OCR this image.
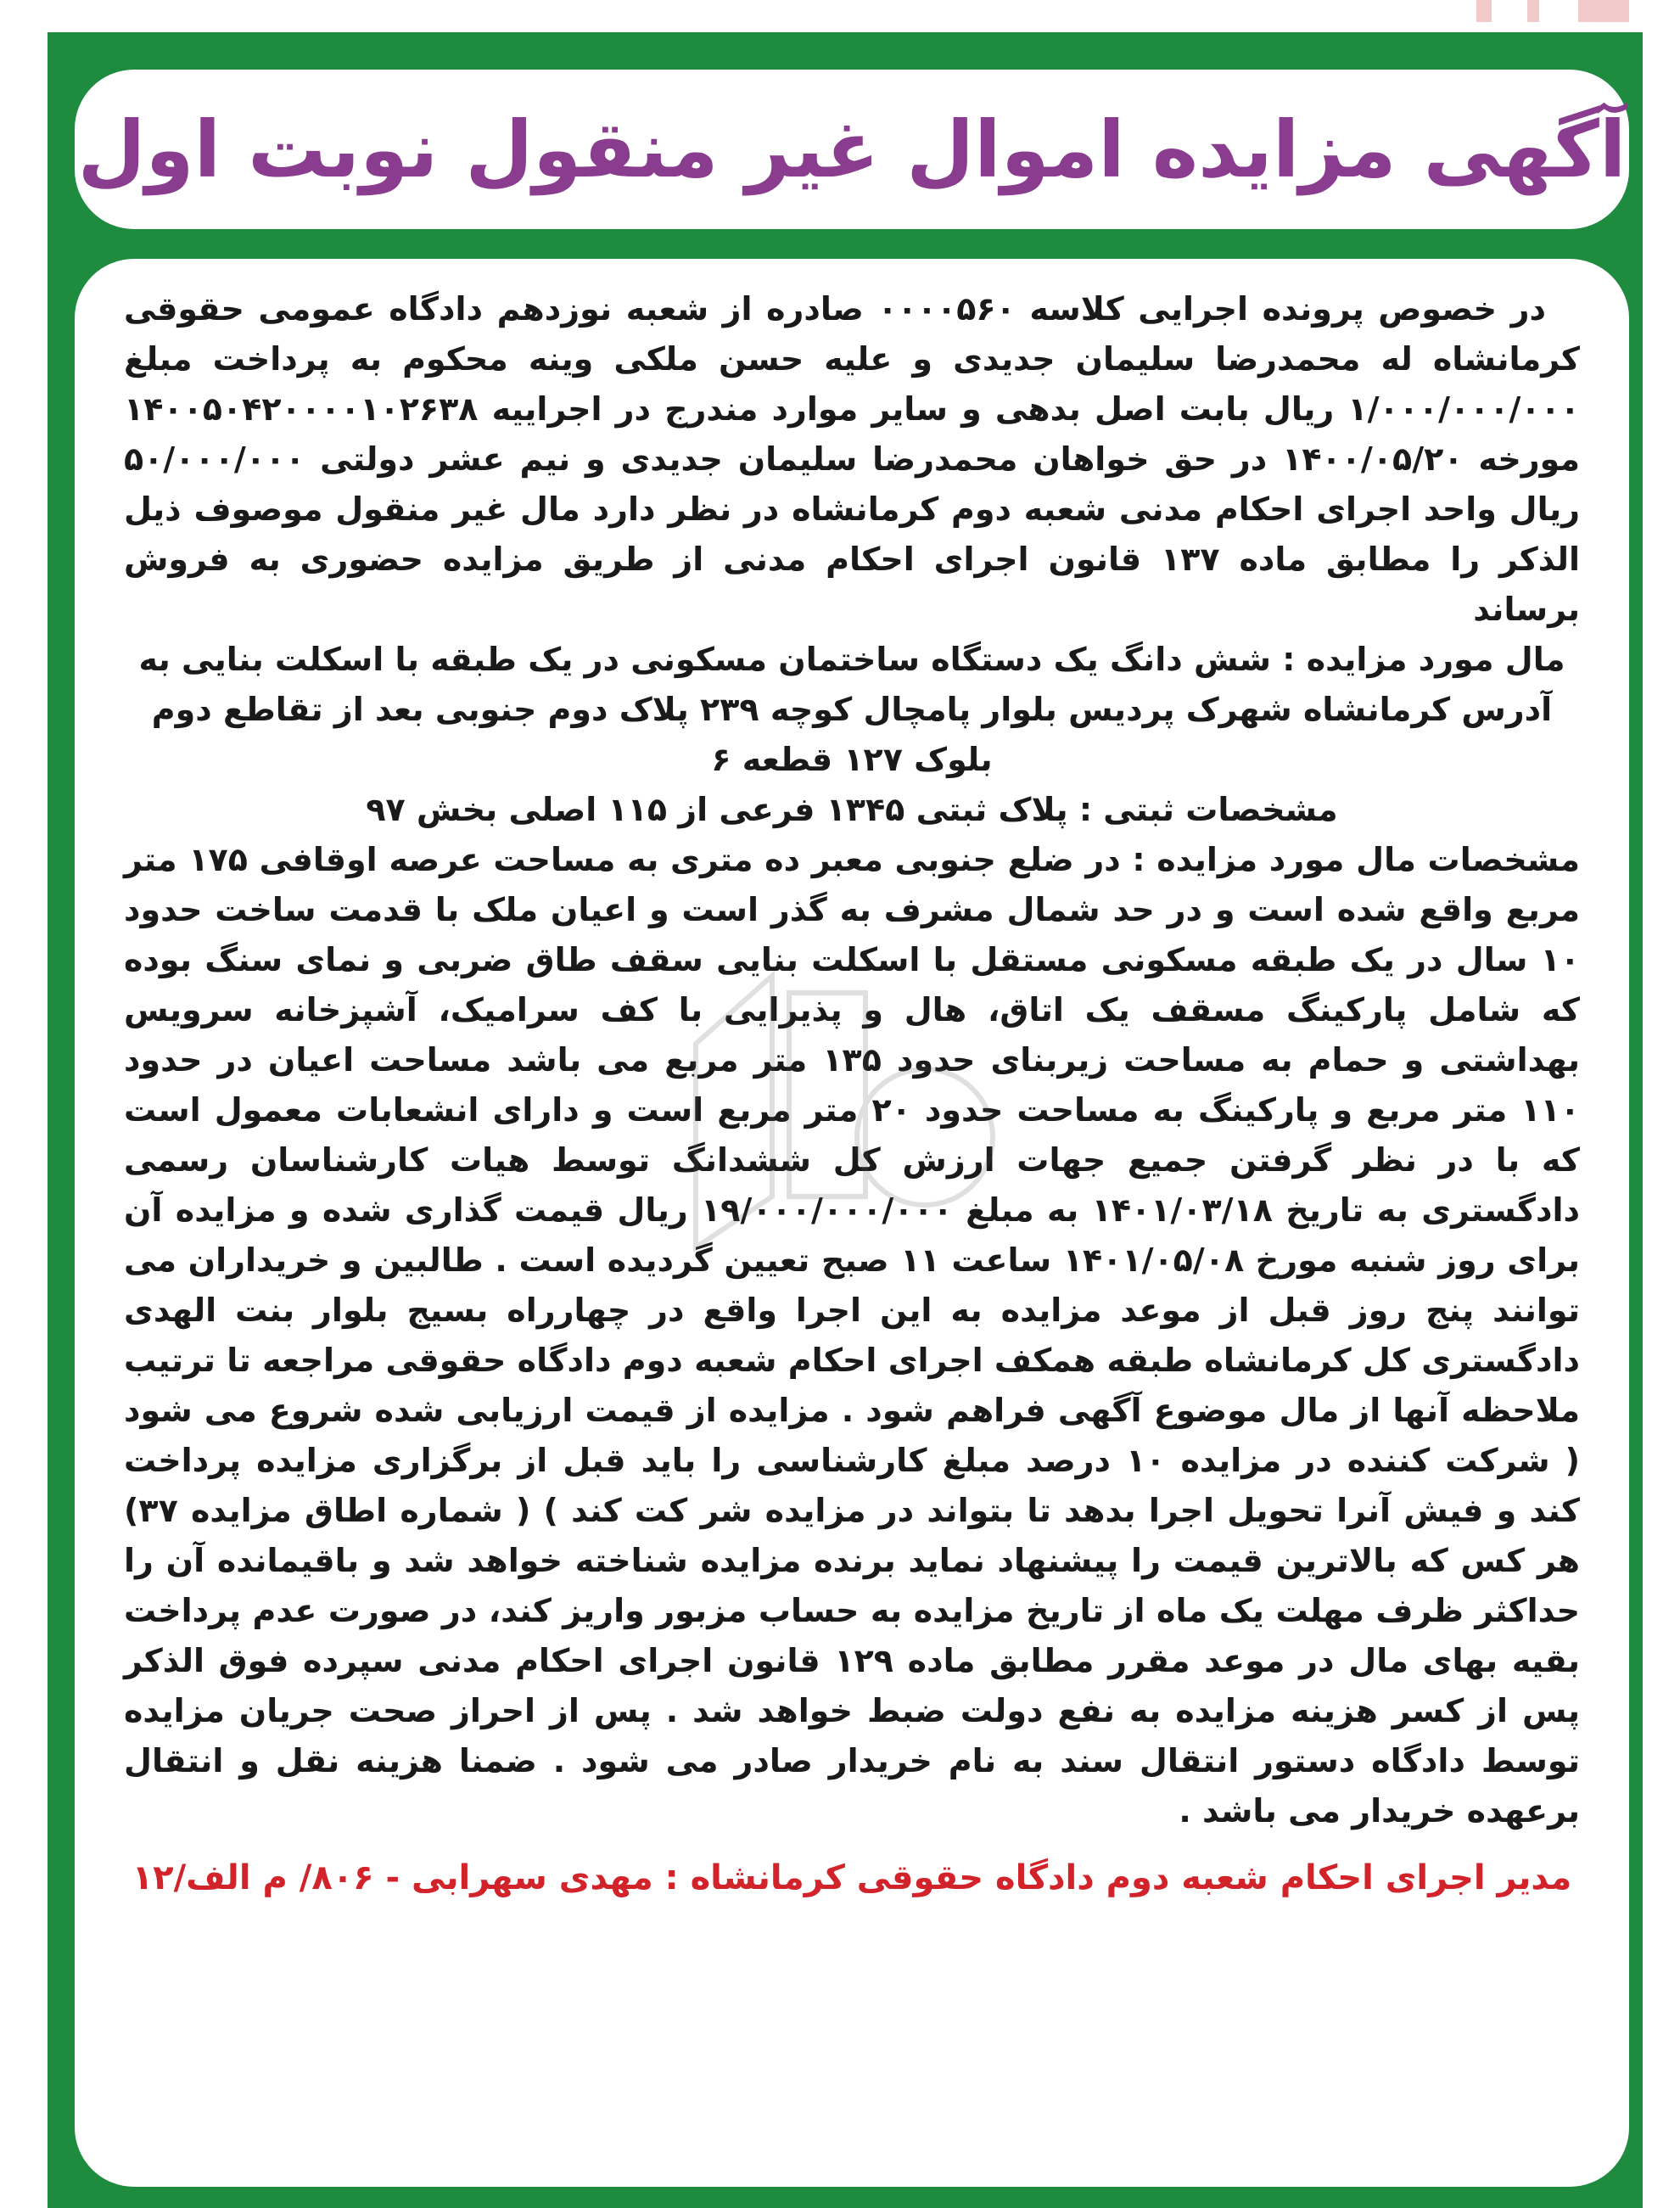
آگهی مزایده اموال غیر منقول نوبت اول

در خصوص پرونده اجرایی کلاسه ۰۰۰۰۵۶۰ صادره از شعبه نوزدهم دادگاه عمومی حقوقی کرمانشاه له محمدرضا سلیمان جدیدی و علیه حسن ملکی وینه محکوم به پرداخت مبلغ ۱/۰۰۰/۰۰۰/۰۰۰ ریال بابت اصل بدهی و سایر موارد مندرج در اجراییه ۱۴۰۰۵۰۴۲۰۰۰۰۱۰۲۶۳۸ مورخه ۱۴۰۰/۰۵/۲۰ در حق خواهان محمدرضا سلیمان جدیدی و نیم عشر دولتی ۵۰/۰۰۰/۰۰۰ ریال واحد اجرای احکام مدنی شعبه دوم کرمانشاه در نظر دارد مال غیر منقول موصوف ذیل الذکر را مطابق ماده ۱۳۷ قانون اجرای احکام مدنی از طریق مزایده حضوری به فروش برساند

مال مورد مزایده : شش دانگ یک دستگاه ساختمان مسکونی در یک طبقه با اسکلت بنایی به آدرس کرمانشاه شهرک پردیس بلوار پامچال کوچه ۲۳۹ پلاک دوم جنوبی بعد از تقاطع دوم بلوک ۱۲۷ قطعه ۶

مشخصات ثبتی : پلاک ثبتی ۱۳۴۵ فرعی از ۱۱۵ اصلی بخش ۹۷

مشخصات مال مورد مزایده : در ضلع جنوبی معبر ده متری به مساحت عرصه اوقافی ۱۷۵ متر مربع واقع شده است و در حد شمال مشرف به گذر است و اعیان ملک با قدمت ساخت حدود ۱۰ سال در یک طبقه مسکونی مستقل با اسکلت بنایی سقف طاق ضربی و نمای سنگ بوده که شامل پارکینگ مسقف یک اتاق، هال و پذیرایی با کف سرامیک، آشپزخانه سرویس بهداشتی و حمام به مساحت زیربنای حدود ۱۳۵ متر مربع می باشد مساحت اعیان در حدود ۱۱۰ متر مربع و پارکینگ به مساحت حدود ۲۰ متر مربع است و دارای انشعابات معمول است که با در نظر گرفتن جمیع جهات ارزش کل ششدانگ توسط هیات کارشناسان رسمی دادگستری به تاریخ ۱۴۰۱/۰۳/۱۸ به مبلغ ۱۹/۰۰۰/۰۰۰/۰۰۰ ریال قیمت گذاری شده و مزایده آن برای روز شنبه مورخ ۱۴۰۱/۰۵/۰۸ ساعت ۱۱ صبح تعیین گردیده است . طالبین و خریداران می توانند پنج روز قبل از موعد مزایده به این اجرا واقع در چهارراه بسیج بلوار بنت الهدی دادگستری کل کرمانشاه طبقه همکف اجرای احکام شعبه دوم دادگاه حقوقی مراجعه تا ترتیب ملاحظه آنها از مال موضوع آگهی فراهم شود . مزایده از قیمت ارزیابی شده شروع می شود ( شرکت کننده در مزایده ۱۰ درصد مبلغ کارشناسی را باید قبل از برگزاری مزایده پرداخت کند و فیش آنرا تحویل اجرا بدهد تا بتواند در مزایده شر کت کند ) ( شماره اطاق مزایده ۳۷) هر کس که بالاترین قیمت را پیشنهاد نماید برنده مزایده شناخته خواهد شد و باقیمانده آن را حداکثر ظرف مهلت یک ماه از تاریخ مزایده به حساب مزبور واریز کند، در صورت عدم پرداخت بقیه بهای مال در موعد مقرر مطابق ماده ۱۲۹ قانون اجرای احکام مدنی سپرده فوق الذکر پس از کسر هزینه مزایده به نفع دولت ضبط خواهد شد . پس از احراز صحت جریان مزایده توسط دادگاه دستور انتقال سند به نام خریدار صادر می شود . ضمنا هزینه نقل و انتقال برعهده خریدار می باشد .

مدیر اجرای احکام شعبه دوم دادگاه حقوقی کرمانشاه : مهدی سهرابی - ۸۰۶/ م الف/۱۲
